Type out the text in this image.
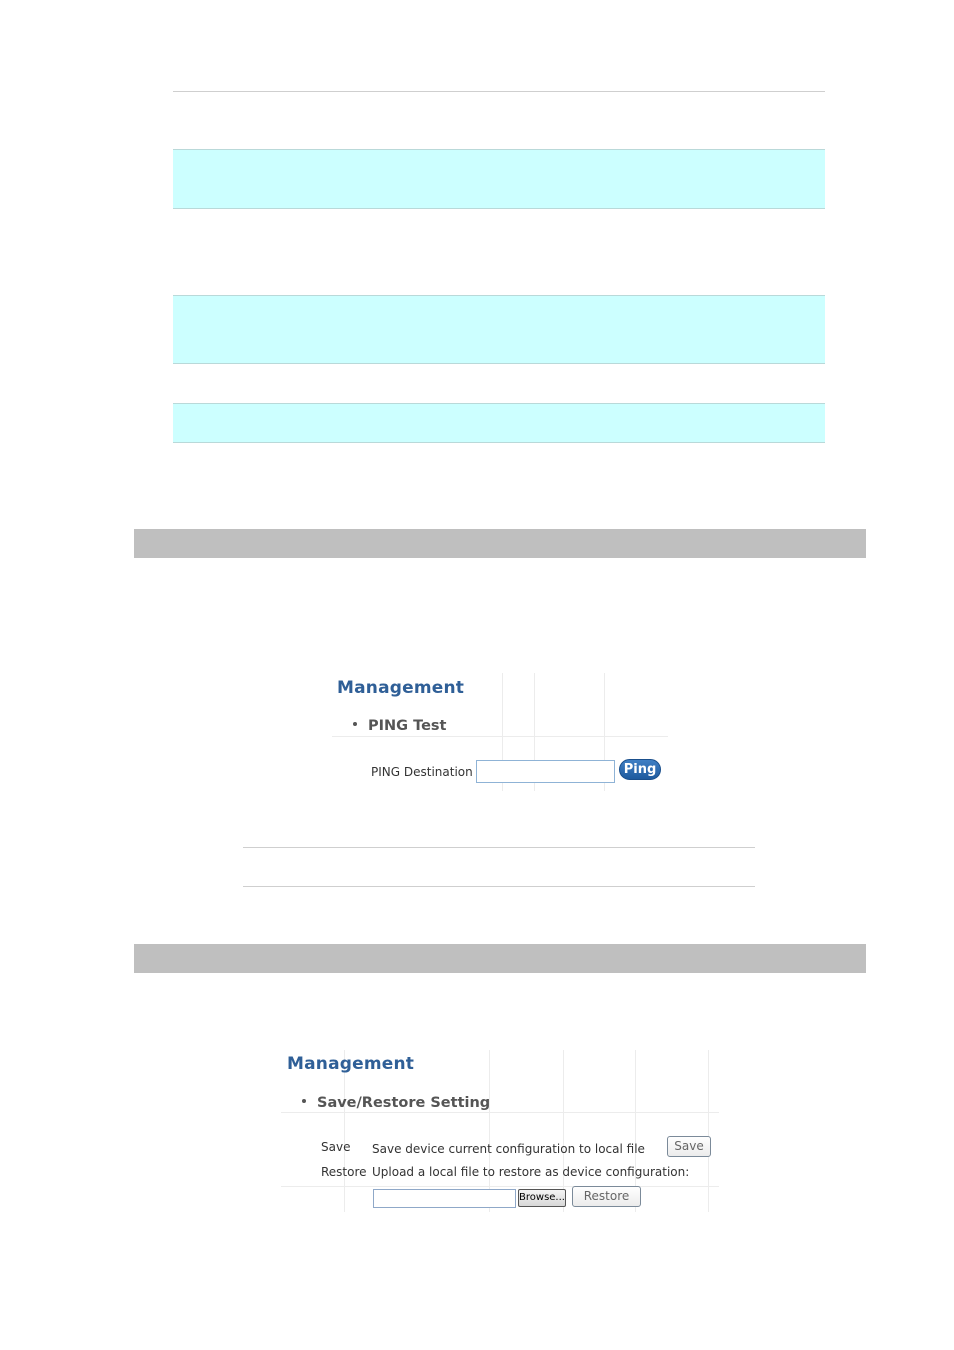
Management
PING Test
PING Destination	Ping
Management
Save/Restore Setting
Save Save device current configuration to local file	Save
Restore Upload a local file to restore as device configuration:
Browse...	Restore
